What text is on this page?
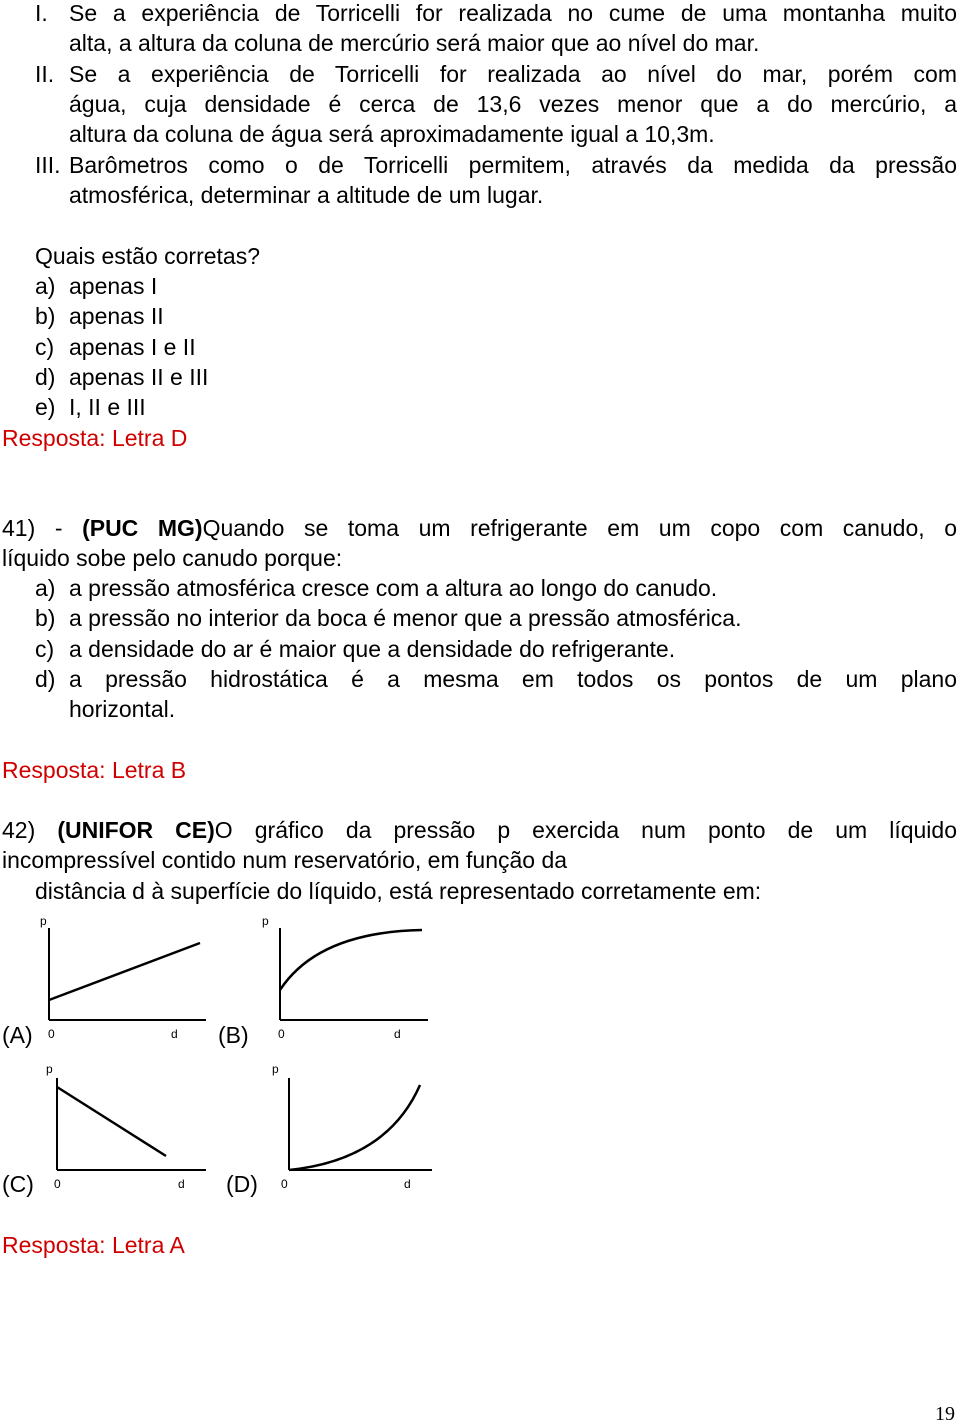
I. Se a experiência de Torricelli for realizada no cume de uma montanha muito
alta, a altura da coluna de mercúrio será maior que ao nível do mar.
II. Se a experiência de Torricelli for realizada ao nível do mar, porém com
água, cuja densidade é cerca de 13,6 vezes menor que a do mercúrio, a
altura da coluna de água será aproximadamente igual a 10,3m.
III. Barômetros como o de Torricelli permitem, através da medida da pressão
atmosférica, determinar a altitude de um lugar.
Quais estão corretas?
a) apenas I
b) apenas II
c) apenas I e II
d) apenas II e III
e) I, II e III
Resposta: Letra D
41) - (PUC MG)Quando se toma um refrigerante em um copo com canudo, o
líquido sobe pelo canudo porque:
a) a pressão atmosférica cresce com a altura ao longo do canudo.
b) a pressão no interior da boca é menor que a pressão atmosférica.
c) a densidade do ar é maior que a densidade do refrigerante.
d) a pressão hidrostática é a mesma em todos os pontos de um plano
horizontal.
Resposta: Letra B
42) (UNIFOR CE)O gráfico da pressão p exercida num ponto de um líquido
incompressível contido num reservatório, em função da
distância d à superfície do líquido, está representado corretamente em:
(A)	(B)
(C)	(D)
p
0	d
p
0	d
p
0	d
p
0	d
Resposta: Letra A
19
